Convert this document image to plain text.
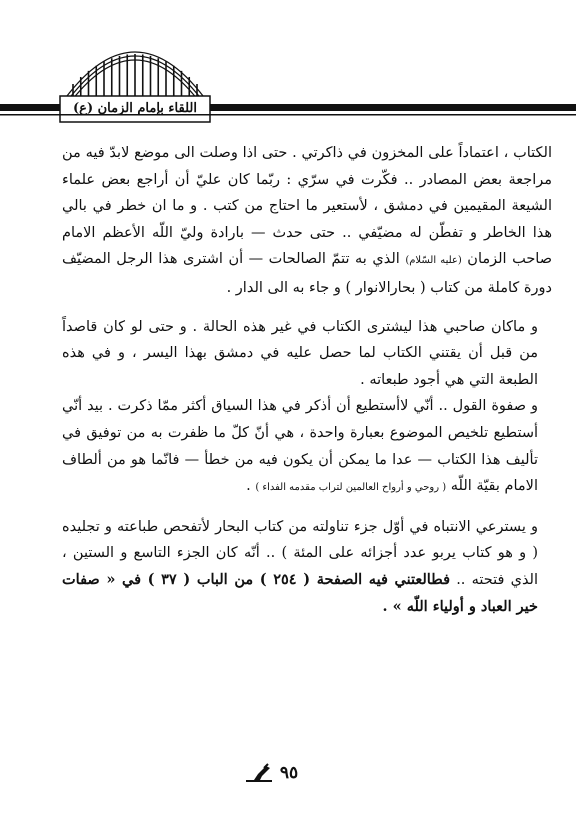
اللقاء بإمام الزمان (ع)

الكتاب ، اعتماداً على المخزون في ذاكرتي . حتى اذا وصلت الى موضع لابدّ فيه من مراجعة بعض المصادر .. فكّرت في سرّي : ربّما كان عليّ أن أراجع بعض علماء الشيعة المقيمين في دمشق ، لأستعير ما احتاج من كتب . و ما ان خطر في بالي هذا الخاطر و تفطّن له مضيّفي .. حتى حدث — بارادة وليّ اللّه الأعظم الامام صاحب الزمان (عليه السّلام) الذي به تتمّ الصالحات — أن اشترى هذا الرجل المضيّف دورة كاملة من كتاب ( بحارالانوار ) و جاء به الى الدار .

و ماكان صاحبي هذا ليشترى الكتاب في غير هذه الحالة . و حتى لو كان قاصداً من قبل أن يقتني الكتاب لما حصل عليه في دمشق بهذا اليسر ، و في هذه الطبعة التي هي أجود طبعاته .

و صفوة القول .. أنّي لاأستطيع أن أذكر في هذا السياق أكثر ممّا ذكرت . بيد أنّي أستطيع تلخيص الموضوع بعبارة واحدة ، هي أنّ كلّ ما ظفرت به من توفيق في تأليف هذا الكتاب — عدا ما يمكن أن يكون فيه من خطأ — فانّما هو من ألطاف الامام بقيّة اللّه ( روحي و أرواح العالمين لتراب مقدمه الفداء ) .

و يسترعي الانتباه في أوّل جزء تناولته من كتاب البحار لأتفحص طباعته و تجليده ( و هو كتاب يربو عدد أجزائه على المئة ) .. أنّه كان الجزء التاسع و الستين ، الذي فتحته .. فطالعتني فيه الصفحة ( ٢٥٤ ) من الباب ( ٣٧ ) في « صفات خير العباد و أولياء اللّه » .

٩٥
